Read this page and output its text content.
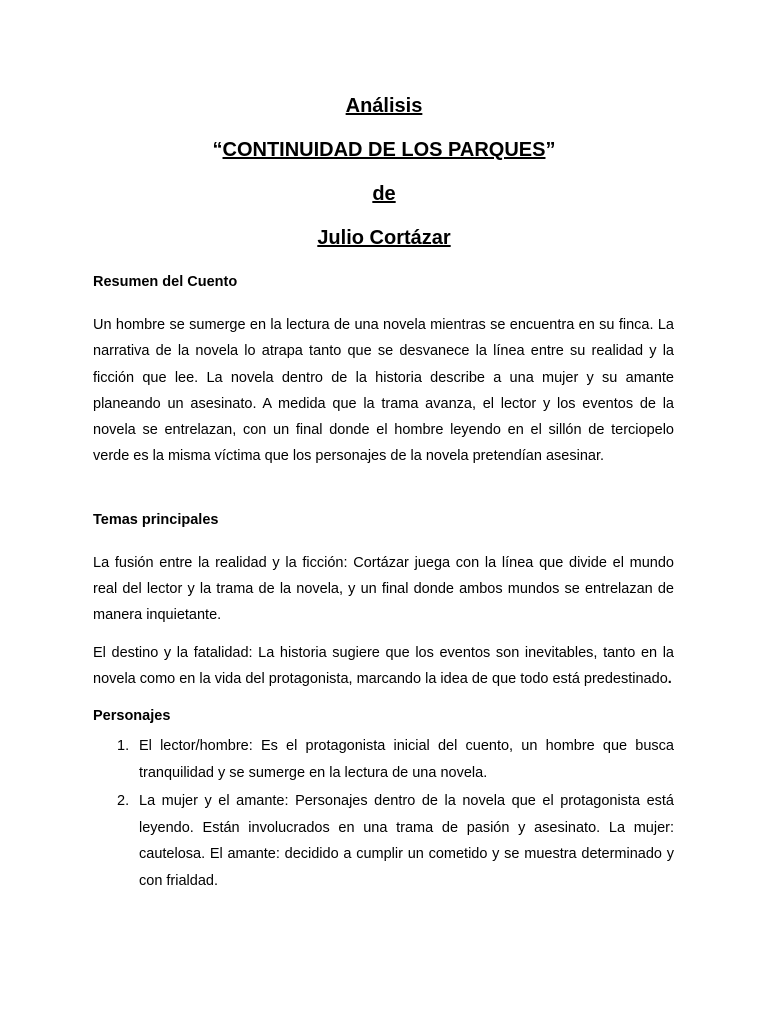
Análisis
“CONTINUIDAD DE LOS PARQUES”
de
Julio Cortázar

Resumen del Cuento

Un hombre se sumerge en la lectura de una novela mientras se encuentra en su finca. La narrativa de la novela lo atrapa tanto que se desvanece la línea entre su realidad y la ficción que lee. La novela dentro de la historia describe a una mujer y su amante planeando un asesinato. A medida que la trama avanza, el lector y los eventos de la novela se entrelazan, con un final donde el hombre leyendo en el sillón de terciopelo verde es la misma víctima que los personajes de la novela pretendían asesinar.

Temas principales

La fusión entre la realidad y la ficción: Cortázar juega con la línea que divide el mundo real del lector y la trama de la novela, y un final donde ambos mundos se entrelazan de manera inquietante.

El destino y la fatalidad: La historia sugiere que los eventos son inevitables, tanto en la novela como en la vida del protagonista, marcando la idea de que todo está predestinado.

Personajes

1. El lector/hombre: Es el protagonista inicial del cuento, un hombre que busca tranquilidad y se sumerge en la lectura de una novela.
2. La mujer y el amante: Personajes dentro de la novela que el protagonista está leyendo. Están involucrados en una trama de pasión y asesinato. La mujer: cautelosa. El amante: decidido a cumplir un cometido y se muestra determinado y con frialdad.
